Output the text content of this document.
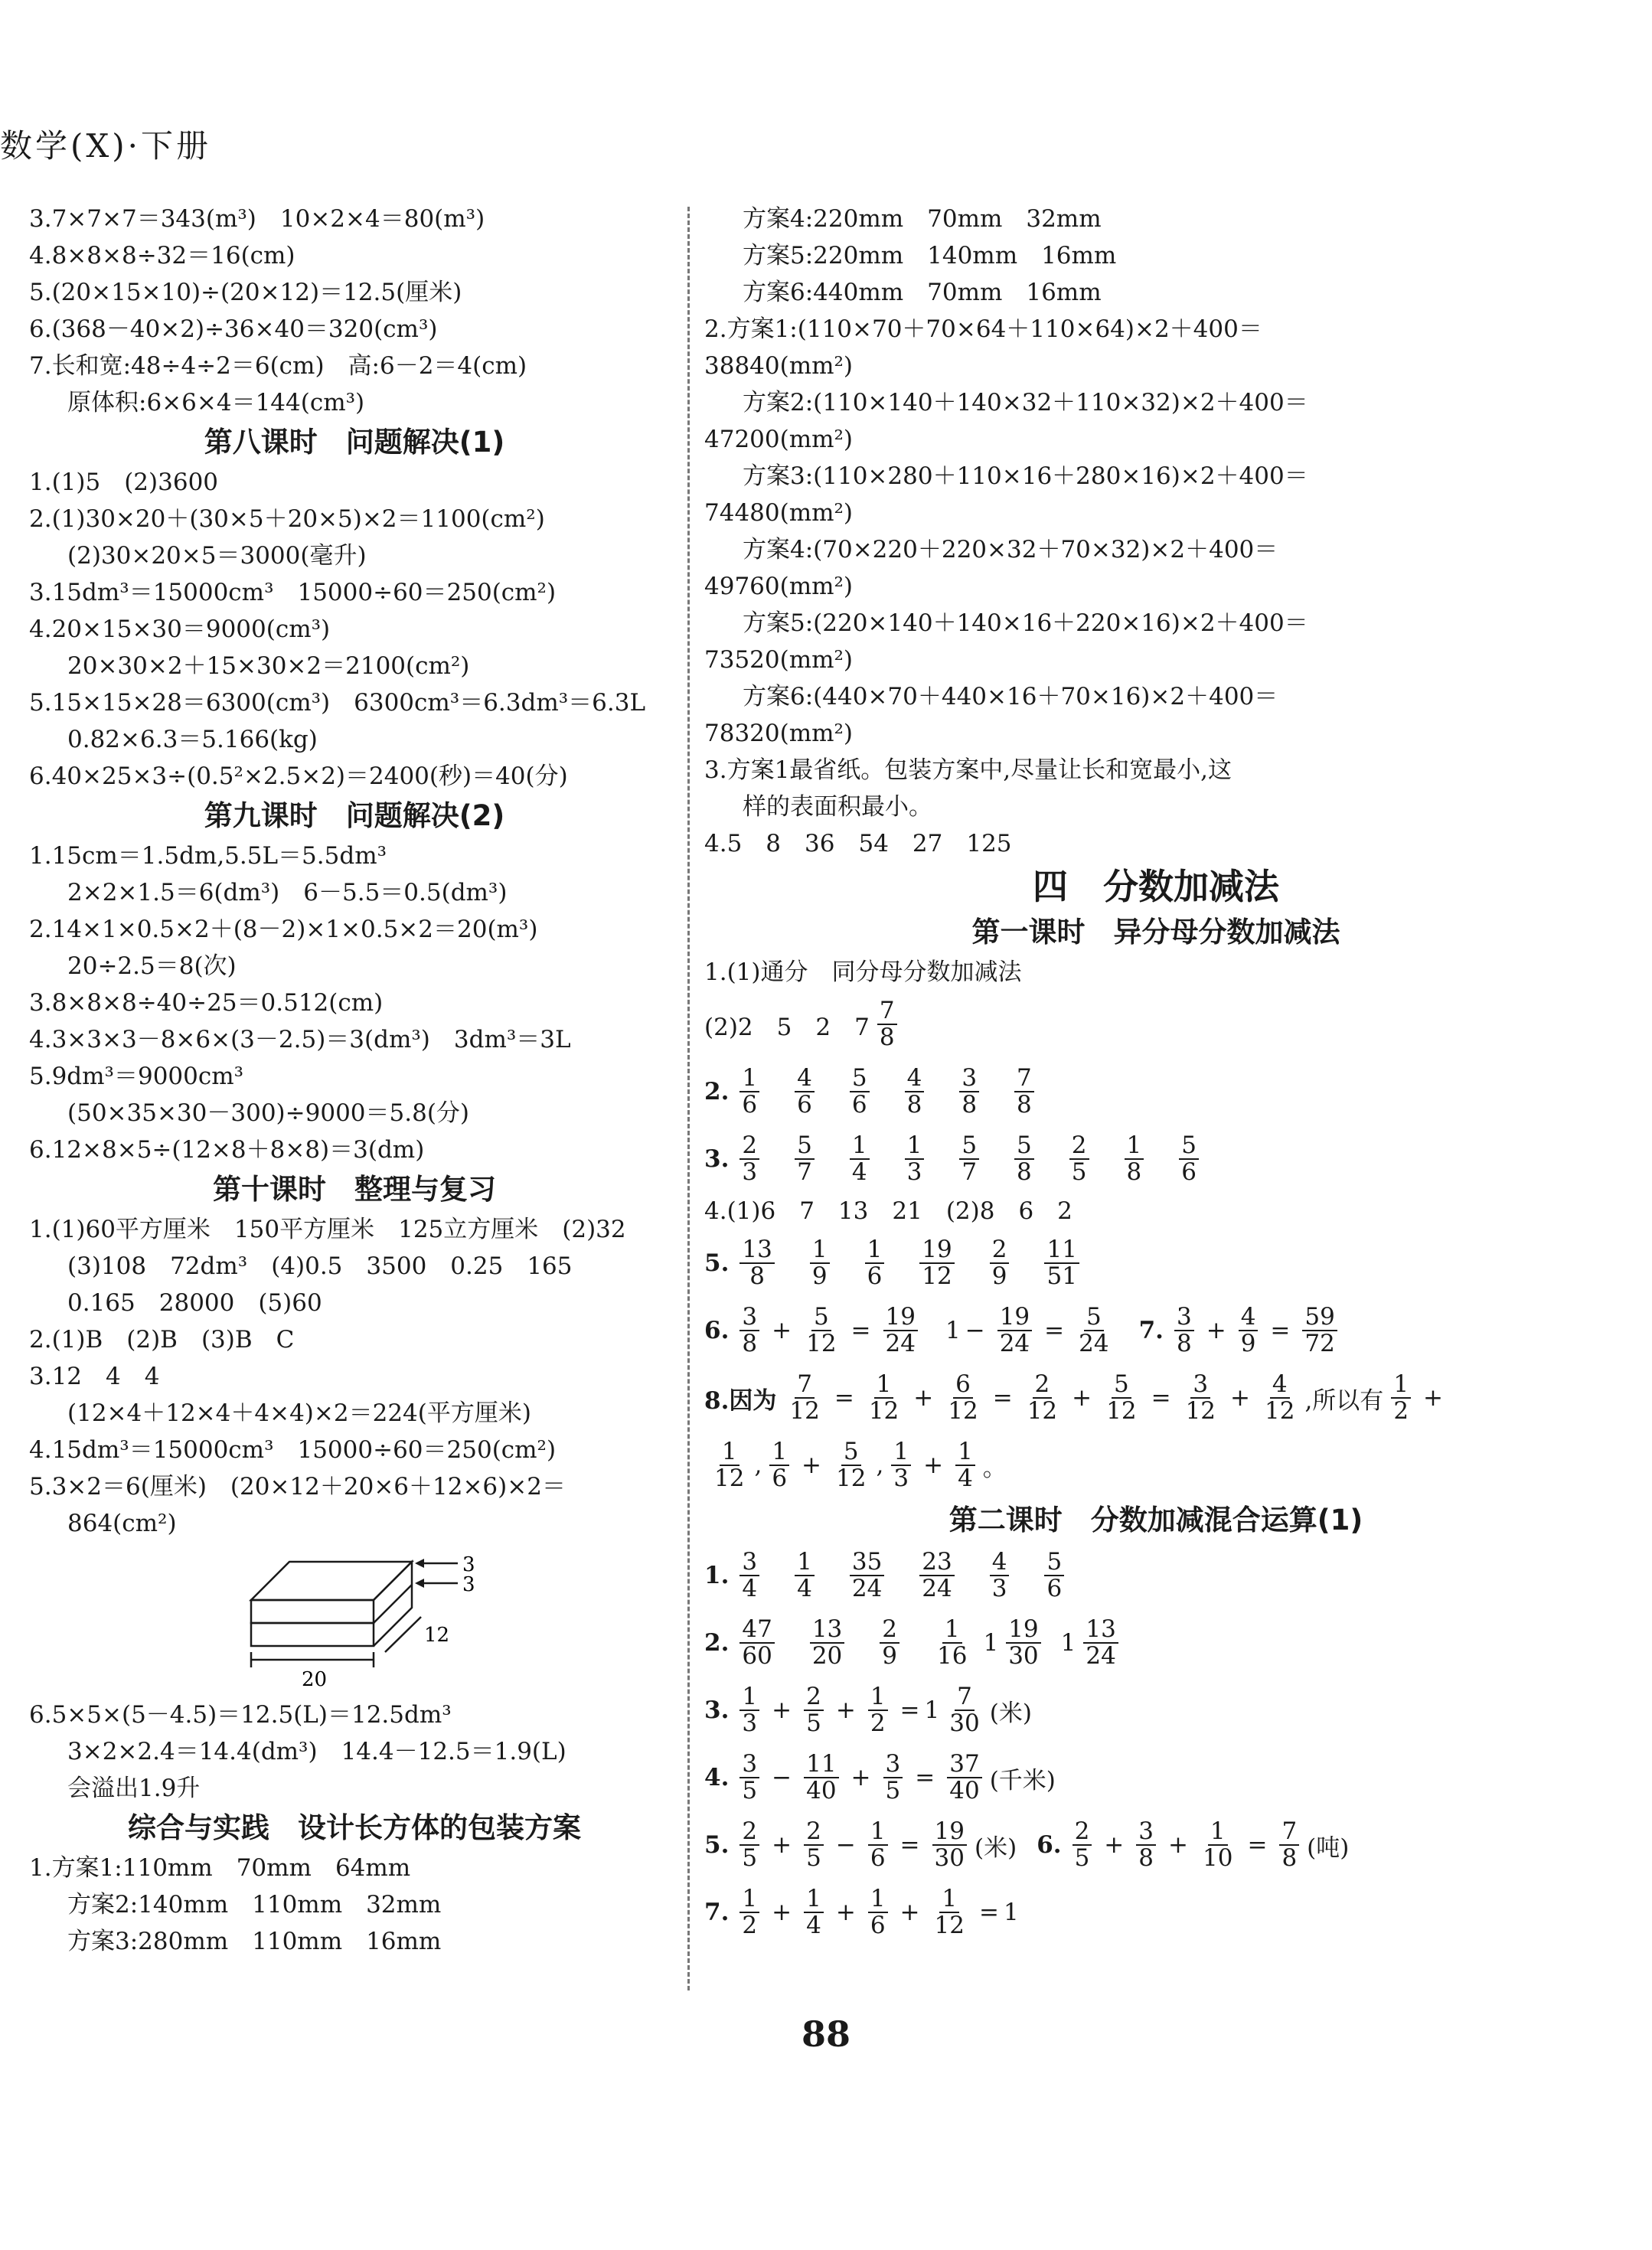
数学(X)·下册
3.7×7×7＝343(m³)　10×2×4＝80(m³)
4.8×8×8÷32＝16(cm)
5.(20×15×10)÷(20×12)＝12.5(厘米)
6.(368－40×2)÷36×40＝320(cm³)
7.长和宽:48÷4÷2＝6(cm)　高:6－2＝4(cm)
原体积:6×6×4＝144(cm³)
第八课时　问题解决(1)
1.(1)5　(2)3600
2.(1)30×20＋(30×5＋20×5)×2＝1100(cm²)
(2)30×20×5＝3000(毫升)
3.15dm³＝15000cm³　15000÷60＝250(cm²)
4.20×15×30＝9000(cm³)
20×30×2＋15×30×2＝2100(cm²)
5.15×15×28＝6300(cm³)　6300cm³＝6.3dm³＝6.3L
0.82×6.3＝5.166(kg)
6.40×25×3÷(0.5²×2.5×2)＝2400(秒)＝40(分)
第九课时　问题解决(2)
1.15cm＝1.5dm,5.5L＝5.5dm³
2×2×1.5＝6(dm³)　6－5.5＝0.5(dm³)
2.14×1×0.5×2＋(8－2)×1×0.5×2＝20(m³)
20÷2.5＝8(次)
3.8×8×8÷40÷25＝0.512(cm)
4.3×3×3－8×6×(3－2.5)＝3(dm³)　3dm³＝3L
5.9dm³＝9000cm³
(50×35×30－300)÷9000＝5.8(分)
6.12×8×5÷(12×8＋8×8)＝3(dm)
第十课时　整理与复习
1.(1)60平方厘米　150平方厘米　125立方厘米　(2)32
(3)108　72dm³　(4)0.5　3500　0.25　165
0.165　28000　(5)60
2.(1)B　(2)B　(3)B　C
3.12　4　4
(12×4＋12×4＋4×4)×2＝224(平方厘米)
4.15dm³＝15000cm³　15000÷60＝250(cm²)
5.3×2＝6(厘米)　(20×12＋20×6＋12×6)×2＝
864(cm²)
3
3
12
20
6.5×5×(5－4.5)＝12.5(L)＝12.5dm³
3×2×2.4＝14.4(dm³)　14.4－12.5＝1.9(L)
会溢出1.9升
综合与实践　设计长方体的包装方案
1.方案1:110mm　70mm　64mm
方案2:140mm　110mm　32mm
方案3:280mm　110mm　16mm
方案4:220mm　70mm　32mm
方案5:220mm　140mm　16mm
方案6:440mm　70mm　16mm
2.方案1:(110×70＋70×64＋110×64)×2＋400＝
38840(mm²)
方案2:(110×140＋140×32＋110×32)×2＋400＝
47200(mm²)
方案3:(110×280＋110×16＋280×16)×2＋400＝
74480(mm²)
方案4:(70×220＋220×32＋70×32)×2＋400＝
49760(mm²)
方案5:(220×140＋140×16＋220×16)×2＋400＝
73520(mm²)
方案6:(440×70＋440×16＋70×16)×2＋400＝
78320(mm²)
3.方案1最省纸。包装方案中,尽量让长和宽最小,这
样的表面积最小。
4.5　8　36　54　27　125
四　分数加减法
第一课时　异分母分数加减法
1.(1)通分　同分母分数加减法
(2)2　5　2　$7 \frac{7}{8}$
2. $\frac{1}{6} \frac{4}{6} \frac{5}{6} \frac{4}{8} \frac{3}{8} \frac{7}{8}$
3. $\frac{2}{3} \frac{5}{7} \frac{1}{4} \frac{1}{3} \frac{5}{7} \frac{5}{8} \frac{2}{5} \frac{1}{8} \frac{5}{6}$
4.(1)6　7　13　21　(2)8　6　2
5. $\frac{13}{8} \frac{1}{9} \frac{1}{6} \frac{19}{12} \frac{2}{9} \frac{11}{51}$
6. $\frac{3}{8} + \frac{5}{12} = \frac{19}{24} 1 - \frac{19}{24} = \frac{5}{24} 7$. $\frac{3}{8} + \frac{4}{9} = \frac{59}{72}$
8.因为 $\frac{7}{12} = \frac{1}{12} + \frac{6}{12} = \frac{2}{12} + \frac{5}{12} = \frac{3}{12} + \frac{4}{12}$ ,所以有 $\frac{1}{2}$ +
$\frac{1}{12}$ , $\frac{1}{6} + \frac{5}{12}$ , $\frac{1}{3} + \frac{1}{4}$ 。
第二课时　分数加减混合运算(1)
1. $\frac{3}{4} \frac{1}{4} \frac{35}{24} \frac{23}{24} \frac{4}{3} \frac{5}{6}$
2. $\frac{47}{60} \frac{13}{20} \frac{2}{9} \frac{1}{16} 1 \frac{19}{30} 1 \frac{13}{24}$
3. $\frac{1}{3} + \frac{2}{5} + \frac{1}{2} = 1 \frac{7}{30}$ (米)
4. $\frac{3}{5} - \frac{11}{40} + \frac{3}{5} = \frac{37}{40}$ (千米)
5. $\frac{2}{5} + \frac{2}{5} - \frac{1}{6} = \frac{19}{30}$ (米) 6. $\frac{2}{5} + \frac{3}{8} + \frac{1}{10} = \frac{7}{8}$ (吨)
7. $\frac{1}{2} + \frac{1}{4} + \frac{1}{6} + \frac{1}{12} = 1$
88
